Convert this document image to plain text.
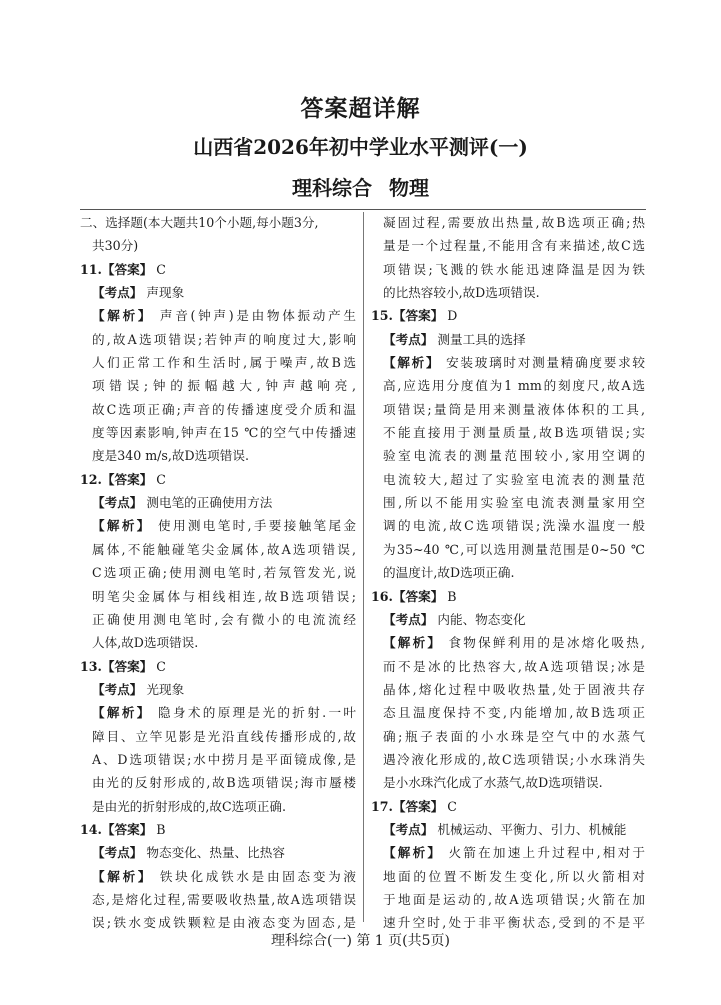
答案超详解
山西省2026年初中学业水平测评(一)
理科综合 物理
二、选择题(本大题共10个小题,每小题3分,
共30分)
11.【答案】 C
【考点】 声现象
【解析】 声音(钟声)是由物体振动产生
的,故A选项错误;若钟声的响度过大,影响
人们正常工作和生活时,属于噪声,故B选
项错误;钟的振幅越大,钟声越响亮,
故C选项正确;声音的传播速度受介质和温
度等因素影响,钟声在15 ℃的空气中传播速
度是340 m/s,故D选项错误.
12.【答案】 C
【考点】 测电笔的正确使用方法
【解析】 使用测电笔时,手要接触笔尾金
属体,不能触碰笔尖金属体,故A选项错误,
C选项正确;使用测电笔时,若氖管发光,说
明笔尖金属体与相线相连,故B选项错误;
正确使用测电笔时,会有微小的电流流经
人体,故D选项错误.
13.【答案】 C
【考点】 光现象
【解析】 隐身术的原理是光的折射.一叶
障目、立竿见影是光沿直线传播形成的,故
A、D选项错误;水中捞月是平面镜成像,是
由光的反射形成的,故B选项错误;海市蜃楼
是由光的折射形成的,故C选项正确.
14.【答案】 B
【考点】 物态变化、热量、比热容
【解析】 铁块化成铁水是由固态变为液
态,是熔化过程,需要吸收热量,故A选项错误
误;铁水变成铁颗粒是由液态变为固态,是
凝固过程,需要放出热量,故B选项正确;热
量是一个过程量,不能用含有来描述,故C选
项错误;飞溅的铁水能迅速降温是因为铁
的比热容较小,故D选项错误.
15.【答案】 D
【考点】 测量工具的选择
【解析】 安装玻璃时对测量精确度要求较
高,应选用分度值为1 mm的刻度尺,故A选
项错误;量筒是用来测量液体体积的工具,
不能直接用于测量质量,故B选项错误;实
验室电流表的测量范围较小,家用空调的
电流较大,超过了实验室电流表的测量范
围,所以不能用实验室电流表测量家用空
调的电流,故C选项错误;洗澡水温度一般
为35~40 ℃,可以选用测量范围是0~50 ℃
的温度计,故D选项正确.
16.【答案】 B
【考点】 内能、物态变化
【解析】 食物保鲜利用的是冰熔化吸热,
而不是冰的比热容大,故A选项错误;冰是
晶体,熔化过程中吸收热量,处于固液共存
态且温度保持不变,内能增加,故B选项正
确;瓶子表面的小水珠是空气中的水蒸气
遇冷液化形成的,故C选项错误;小水珠消失
是小水珠汽化成了水蒸气,故D选项错误.
17.【答案】 C
【考点】 机械运动、平衡力、引力、机械能
【解析】 火箭在加速上升过程中,相对于
地面的位置不断发生变化,所以火箭相对
于地面是运动的,故A选项错误;火箭在加
速升空时,处于非平衡状态,受到的不是平
理科综合(一) 第 1 页(共5页)
